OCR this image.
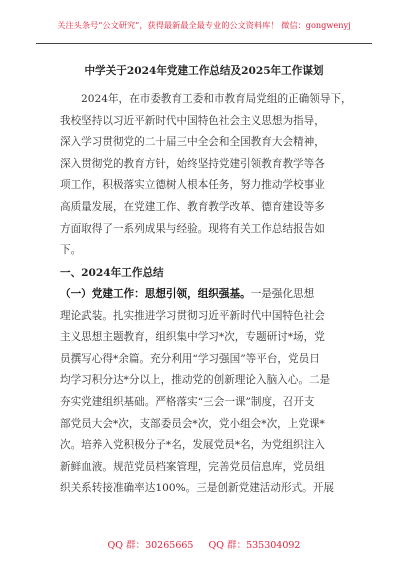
关注头条号“公文研究”，获得最新最全最专业的公文资料库！ 微信：gongwenyj
中学关于2024年党建工作总结及2025年工作谋划
2024年，在市委教育工委和市教育局党组的正确领导下，
我校坚持以习近平新时代中国特色社会主义思想为指导，
深入学习贯彻党的二十届三中全会和全国教育大会精神，
深入贯彻党的教育方针，始终坚持党建引领教育教学等各
项工作，积极落实立德树人根本任务，努力推动学校事业
高质量发展，在党建工作、教育教学改革、德育建设等多
方面取得了一系列成果与经验。现将有关工作总结报告如
下。
一、2024年工作总结
（一）党建工作：思想引领，组织强基。一是强化思想
理论武装。扎实推进学习贯彻习近平新时代中国特色社会
主义思想主题教育，组织集中学习*次，专题研讨*场，党
员撰写心得*余篇。充分利用“学习强国”等平台，党员日
均学习积分达*分以上，推动党的创新理论入脑入心。二是
夯实党建组织基础。严格落实“三会一课”制度，召开支
部党员大会*次，支部委员会*次，党小组会*次，上党课*
次。培养入党积极分子*名，发展党员*名，为党组织注入
新鲜血液。规范党员档案管理，完善党员信息库，党员组
织关系转接准确率达100%。三是创新党建活动形式。开展
QQ 群：30265665 QQ 群：535304092
